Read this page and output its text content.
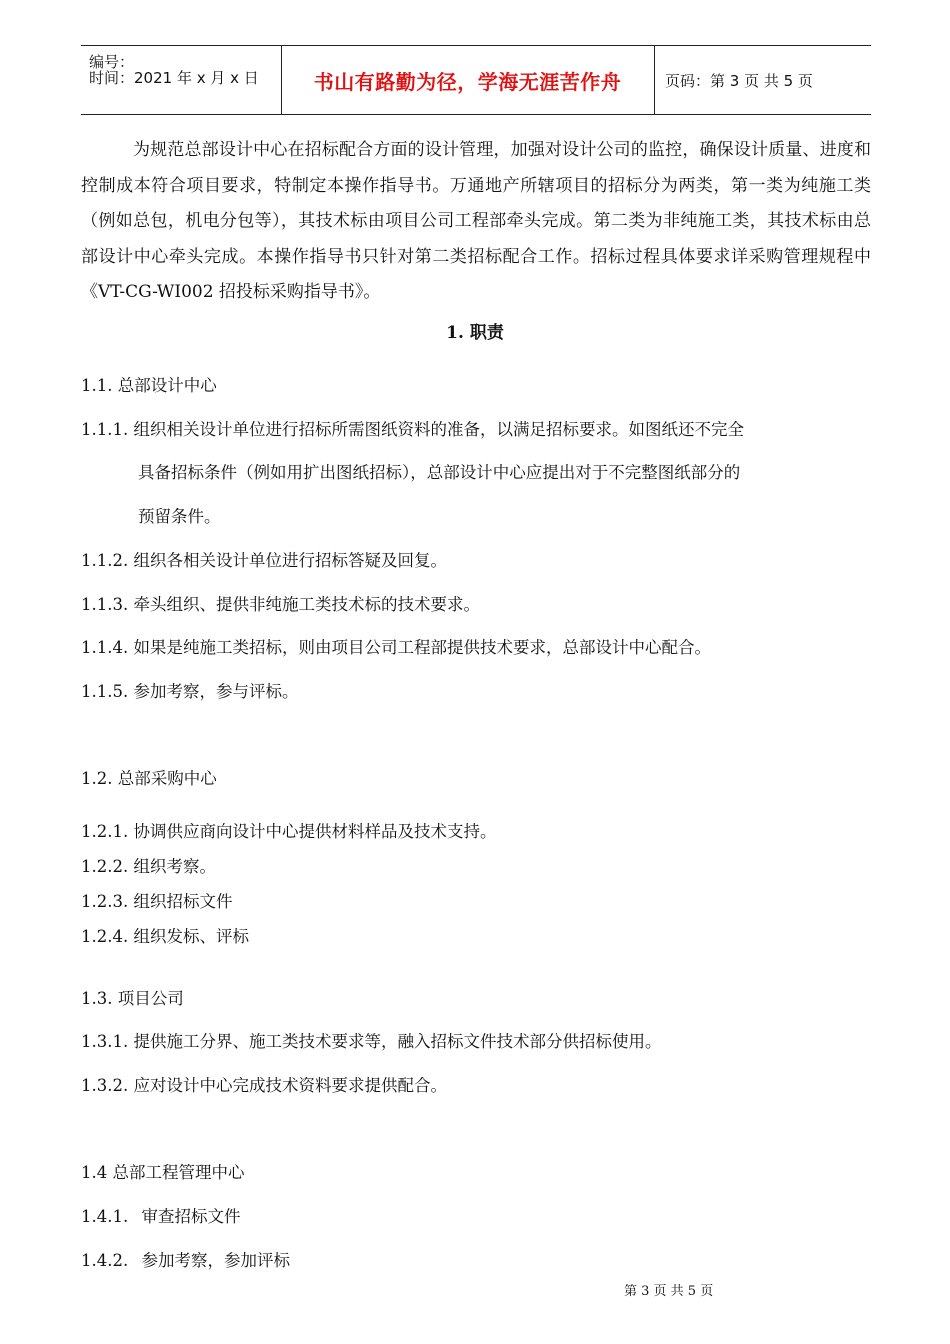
编号：
时间：2021 年 x 月 x 日	书山有路勤为径，学海无涯苦作舟	页码：第 3 页 共 5 页
为规范总部设计中心在招标配合方面的设计管理，加强对设计公司的监控，确保设计质量、进度和控制成本符合项目要求，特制定本操作指导书。万通地产所辖项目的招标分为两类，第一类为纯施工类（例如总包，机电分包等），其技术标由项目公司工程部牵头完成。第二类为非纯施工类，其技术标由总部设计中心牵头完成。本操作指导书只针对第二类招标配合工作。招标过程具体要求详采购管理规程中《VT-CG-WI002 招投标采购指导书》。
1. 职责
1.1. 总部设计中心
1.1.1. 组织相关设计单位进行招标所需图纸资料的准备，以满足招标要求。如图纸还不完全
具备招标条件（例如用扩出图纸招标），总部设计中心应提出对于不完整图纸部分的
预留条件。
1.1.2. 组织各相关设计单位进行招标答疑及回复。
1.1.3. 牵头组织、提供非纯施工类技术标的技术要求。
1.1.4. 如果是纯施工类招标，则由项目公司工程部提供技术要求，总部设计中心配合。
1.1.5. 参加考察，参与评标。
1.2. 总部采购中心
1.2.1. 协调供应商向设计中心提供材料样品及技术支持。
1.2.2. 组织考察。
1.2.3. 组织招标文件
1.2.4. 组织发标、评标
1.3. 项目公司
1.3.1. 提供施工分界、施工类技术要求等，融入招标文件技术部分供招标使用。
1.3.2. 应对设计中心完成技术资料要求提供配合。
1.4 总部工程管理中心
1.4.1. 审查招标文件
1.4.2. 参加考察，参加评标
第 3 页 共 5 页
